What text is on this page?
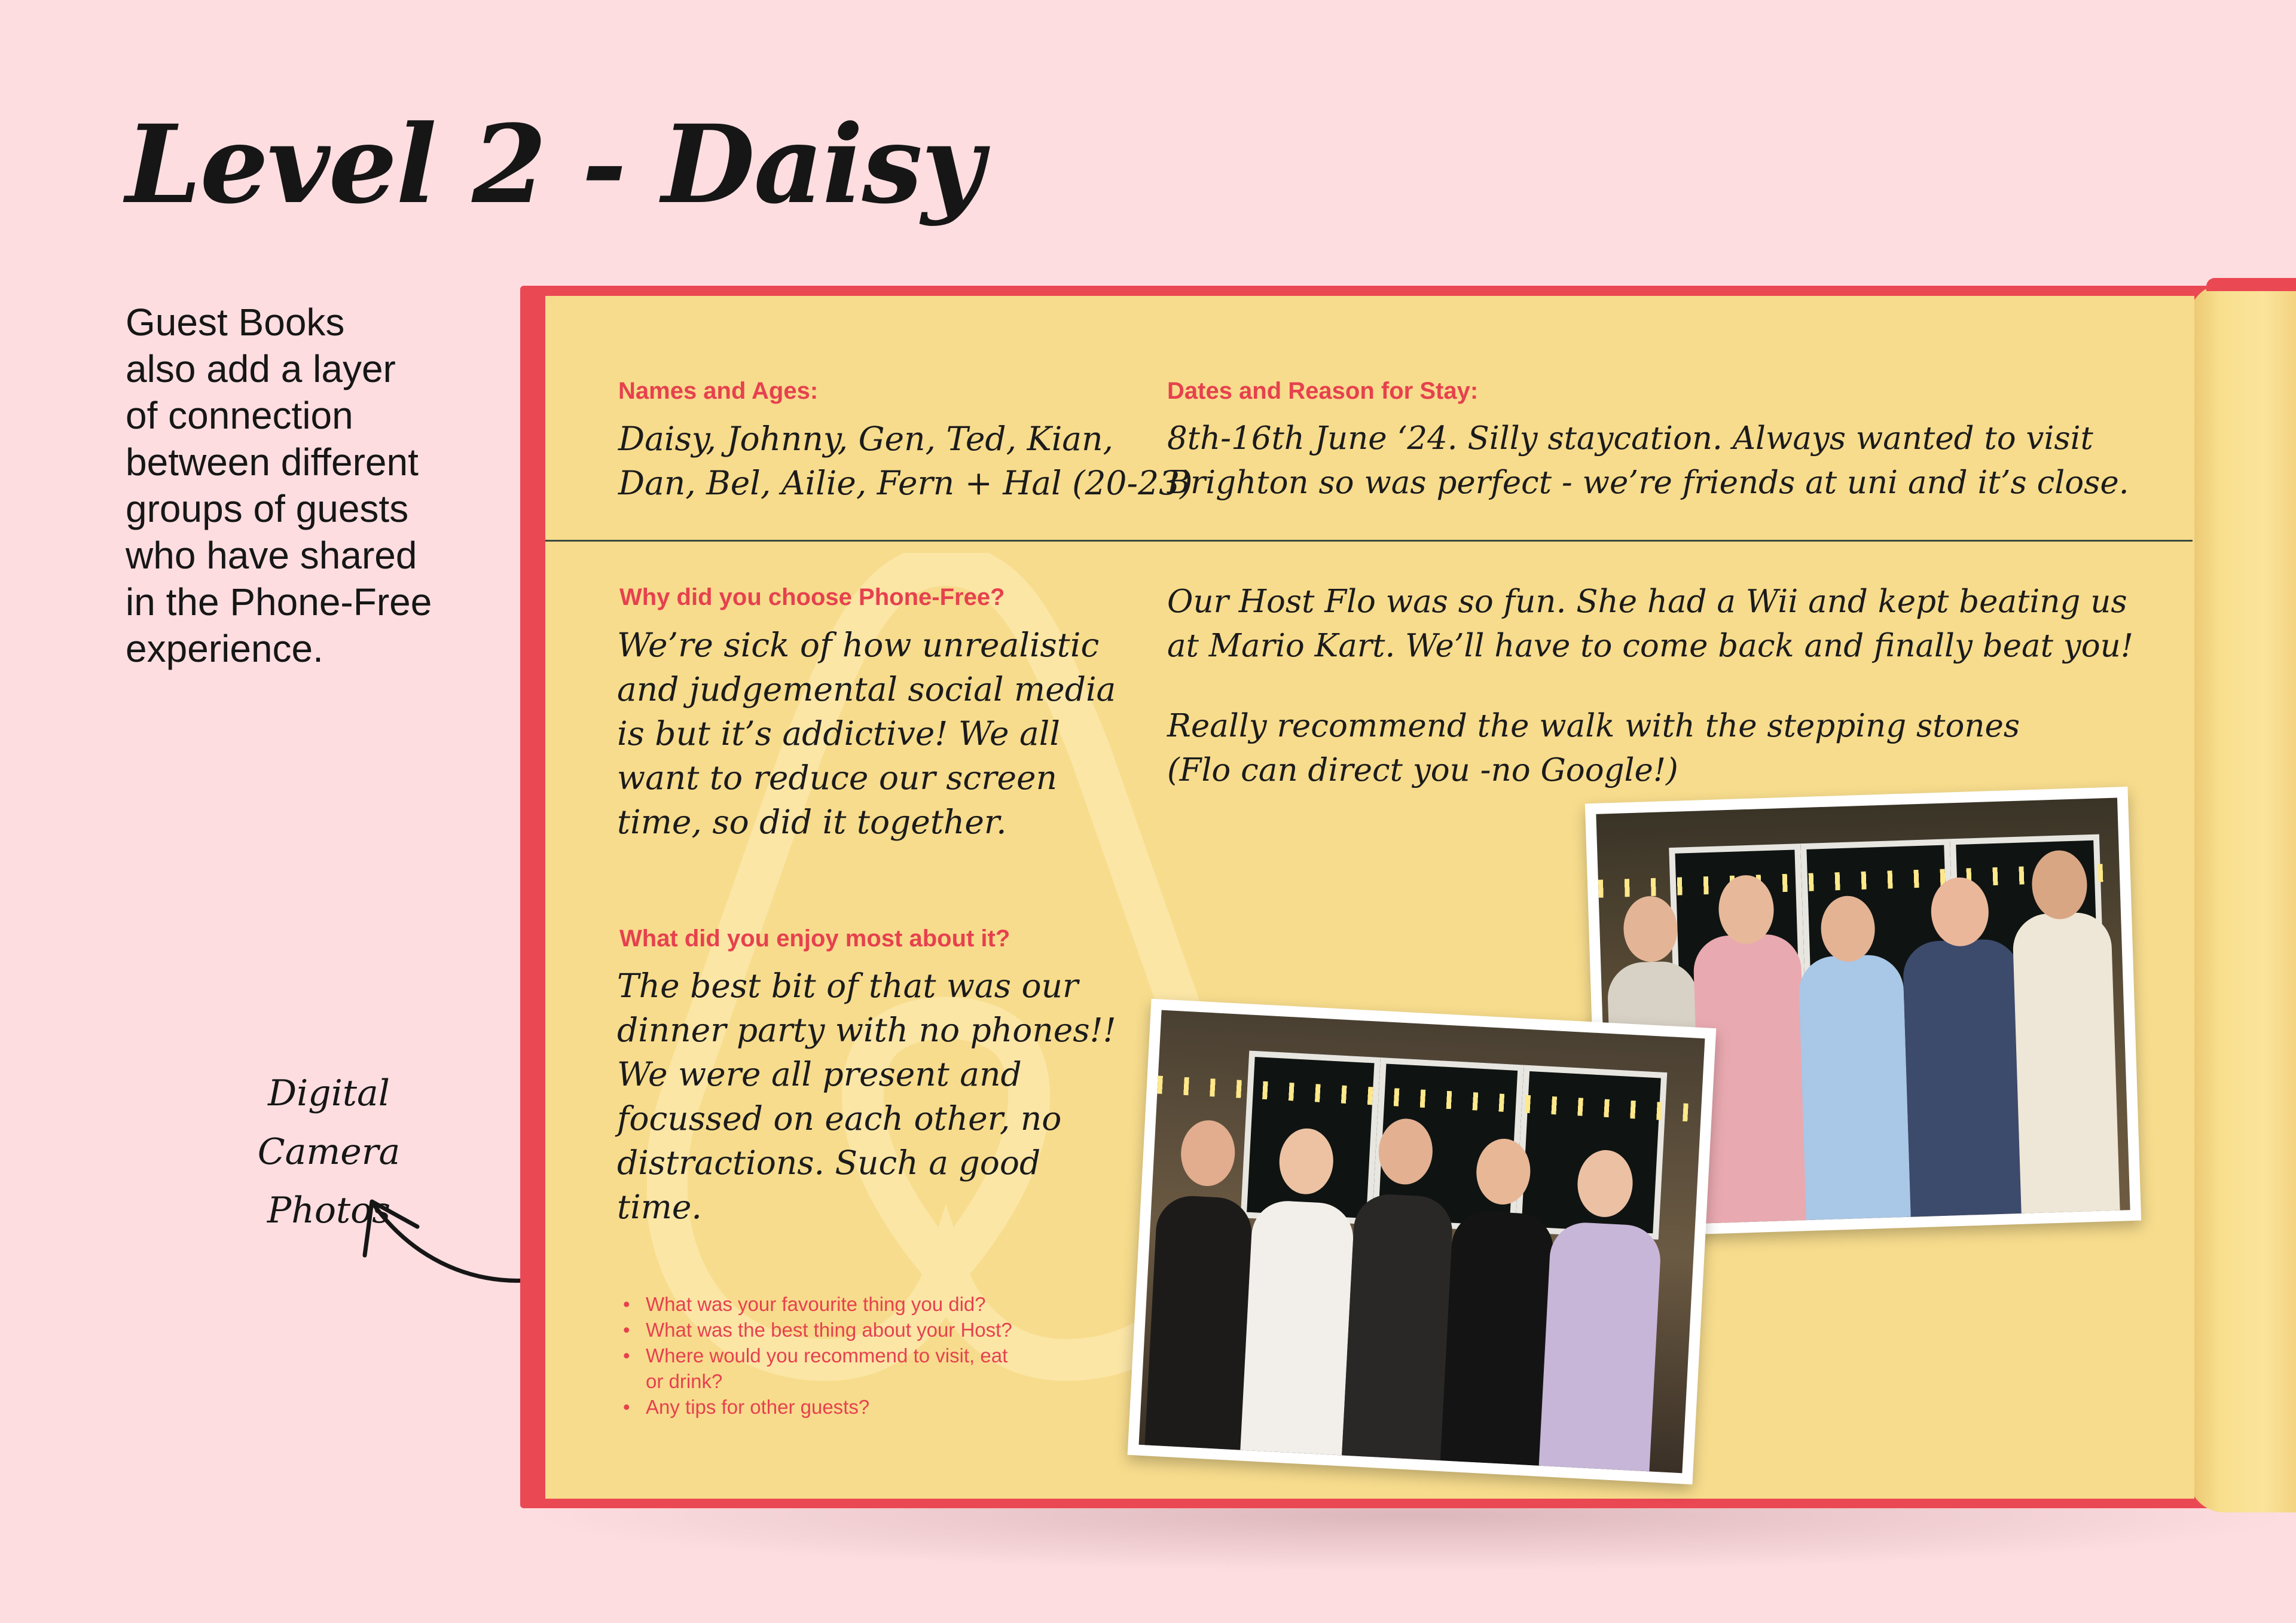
Level 2 - Daisy
Guest Books
also add a layer
of connection
between different
groups of guests
who have shared
in the Phone-Free
experience.
Digital Camera
Photos
Names and Ages:
Daisy, Johnny, Gen, Ted, Kian,
Dan, Bel, Ailie, Fern + Hal (20-23)
Dates and Reason for Stay:
8th-16th June ‘24. Silly staycation. Always wanted to visit
Brighton so was perfect - we’re friends at uni and it’s close.
Why did you choose Phone-Free?
We’re sick of how unrealistic
and judgemental social media
is but it’s addictive! We all
want to reduce our screen
time, so did it together.
Our Host Flo was so fun. She had a Wii and kept beating us
at Mario Kart. We’ll have to come back and finally beat you!
Really recommend the walk with the stepping stones
(Flo can direct you -no Google!)
What did you enjoy most about it?
The best bit of that was our
dinner party with no phones!!
We were all present and
focussed on each other, no
distractions. Such a good
time.
• What was your favourite thing you did?
• What was the best thing about your Host?
• Where would you recommend to visit, eat
or drink?
• Any tips for other guests?
